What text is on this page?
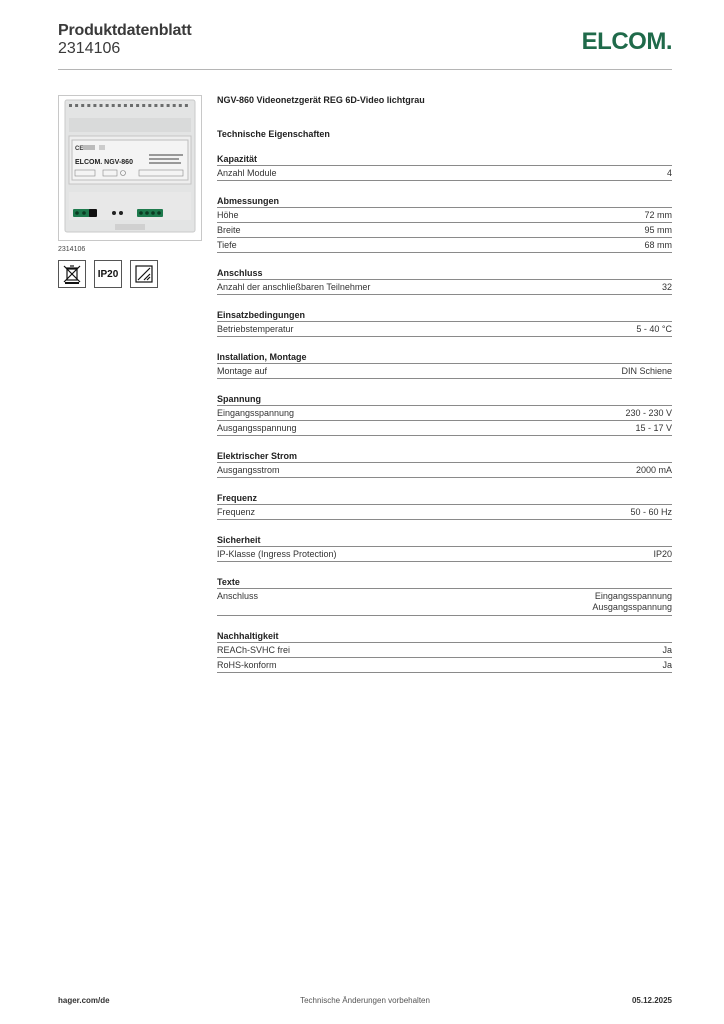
Produktdatenblatt
2314106	ELCOM.
CE
ELCOM. NGV-860
2314106
IP20
NGV-860 Videonetzgerät REG 6D-Video lichtgrau
Technische Eigenschaften
Kapazität
Anzahl Module	4
Abmessungen
Höhe	72 mm
Breite	95 mm
Tiefe	68 mm
Anschluss
Anzahl der anschließbaren Teilnehmer	32
Einsatzbedingungen
Betriebstemperatur	5 - 40 °C
Installation, Montage
Montage auf	DIN Schiene
Spannung
Eingangsspannung	230 - 230 V
Ausgangsspannung	15 - 17 V
Elektrischer Strom
Ausgangsstrom	2000 mA
Frequenz
Frequenz	50 - 60 Hz
Sicherheit
IP-Klasse (Ingress Protection)	IP20
Texte
Anschluss	Eingangsspannung
Ausgangsspannung
Nachhaltigkeit
REACh-SVHC frei	Ja
RoHS-konform	Ja
hager.com/de	Technische Änderungen vorbehalten	05.12.2025
